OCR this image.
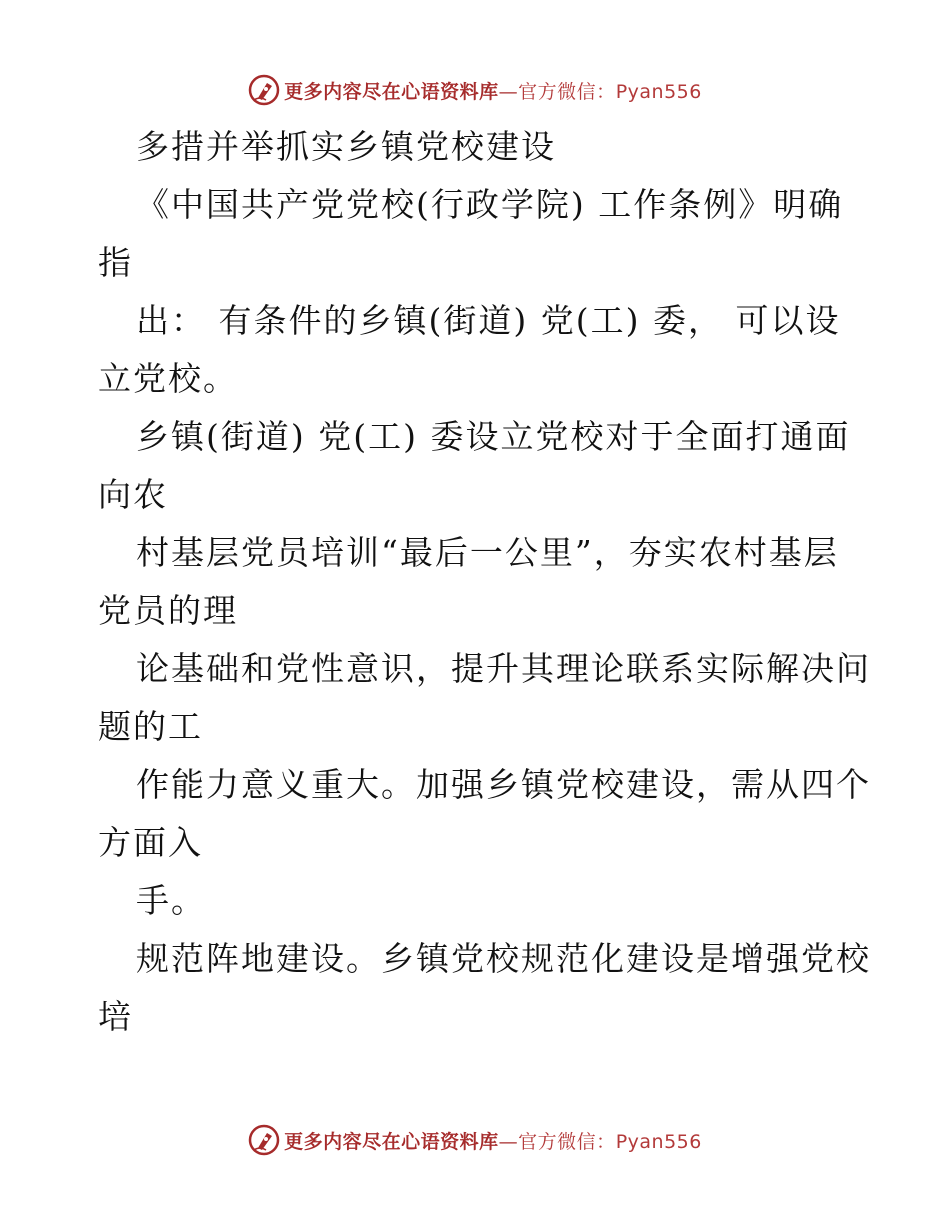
更多内容尽在心语资料库—官方微信：Pyan556
多措并举抓实乡镇党校建设
《中国共产党党校(行政学院) 工作条例》明确
指
出： 有条件的乡镇(街道) 党(工) 委， 可以设
立党校。
乡镇(街道) 党(工) 委设立党校对于全面打通面
向农
村基层党员培训“最后一公里”，夯实农村基层
党员的理
论基础和党性意识，提升其理论联系实际解决问
题的工
作能力意义重大。加强乡镇党校建设，需从四个
方面入
手。
规范阵地建设。乡镇党校规范化建设是增强党校
培
更多内容尽在心语资料库—官方微信：Pyan556
